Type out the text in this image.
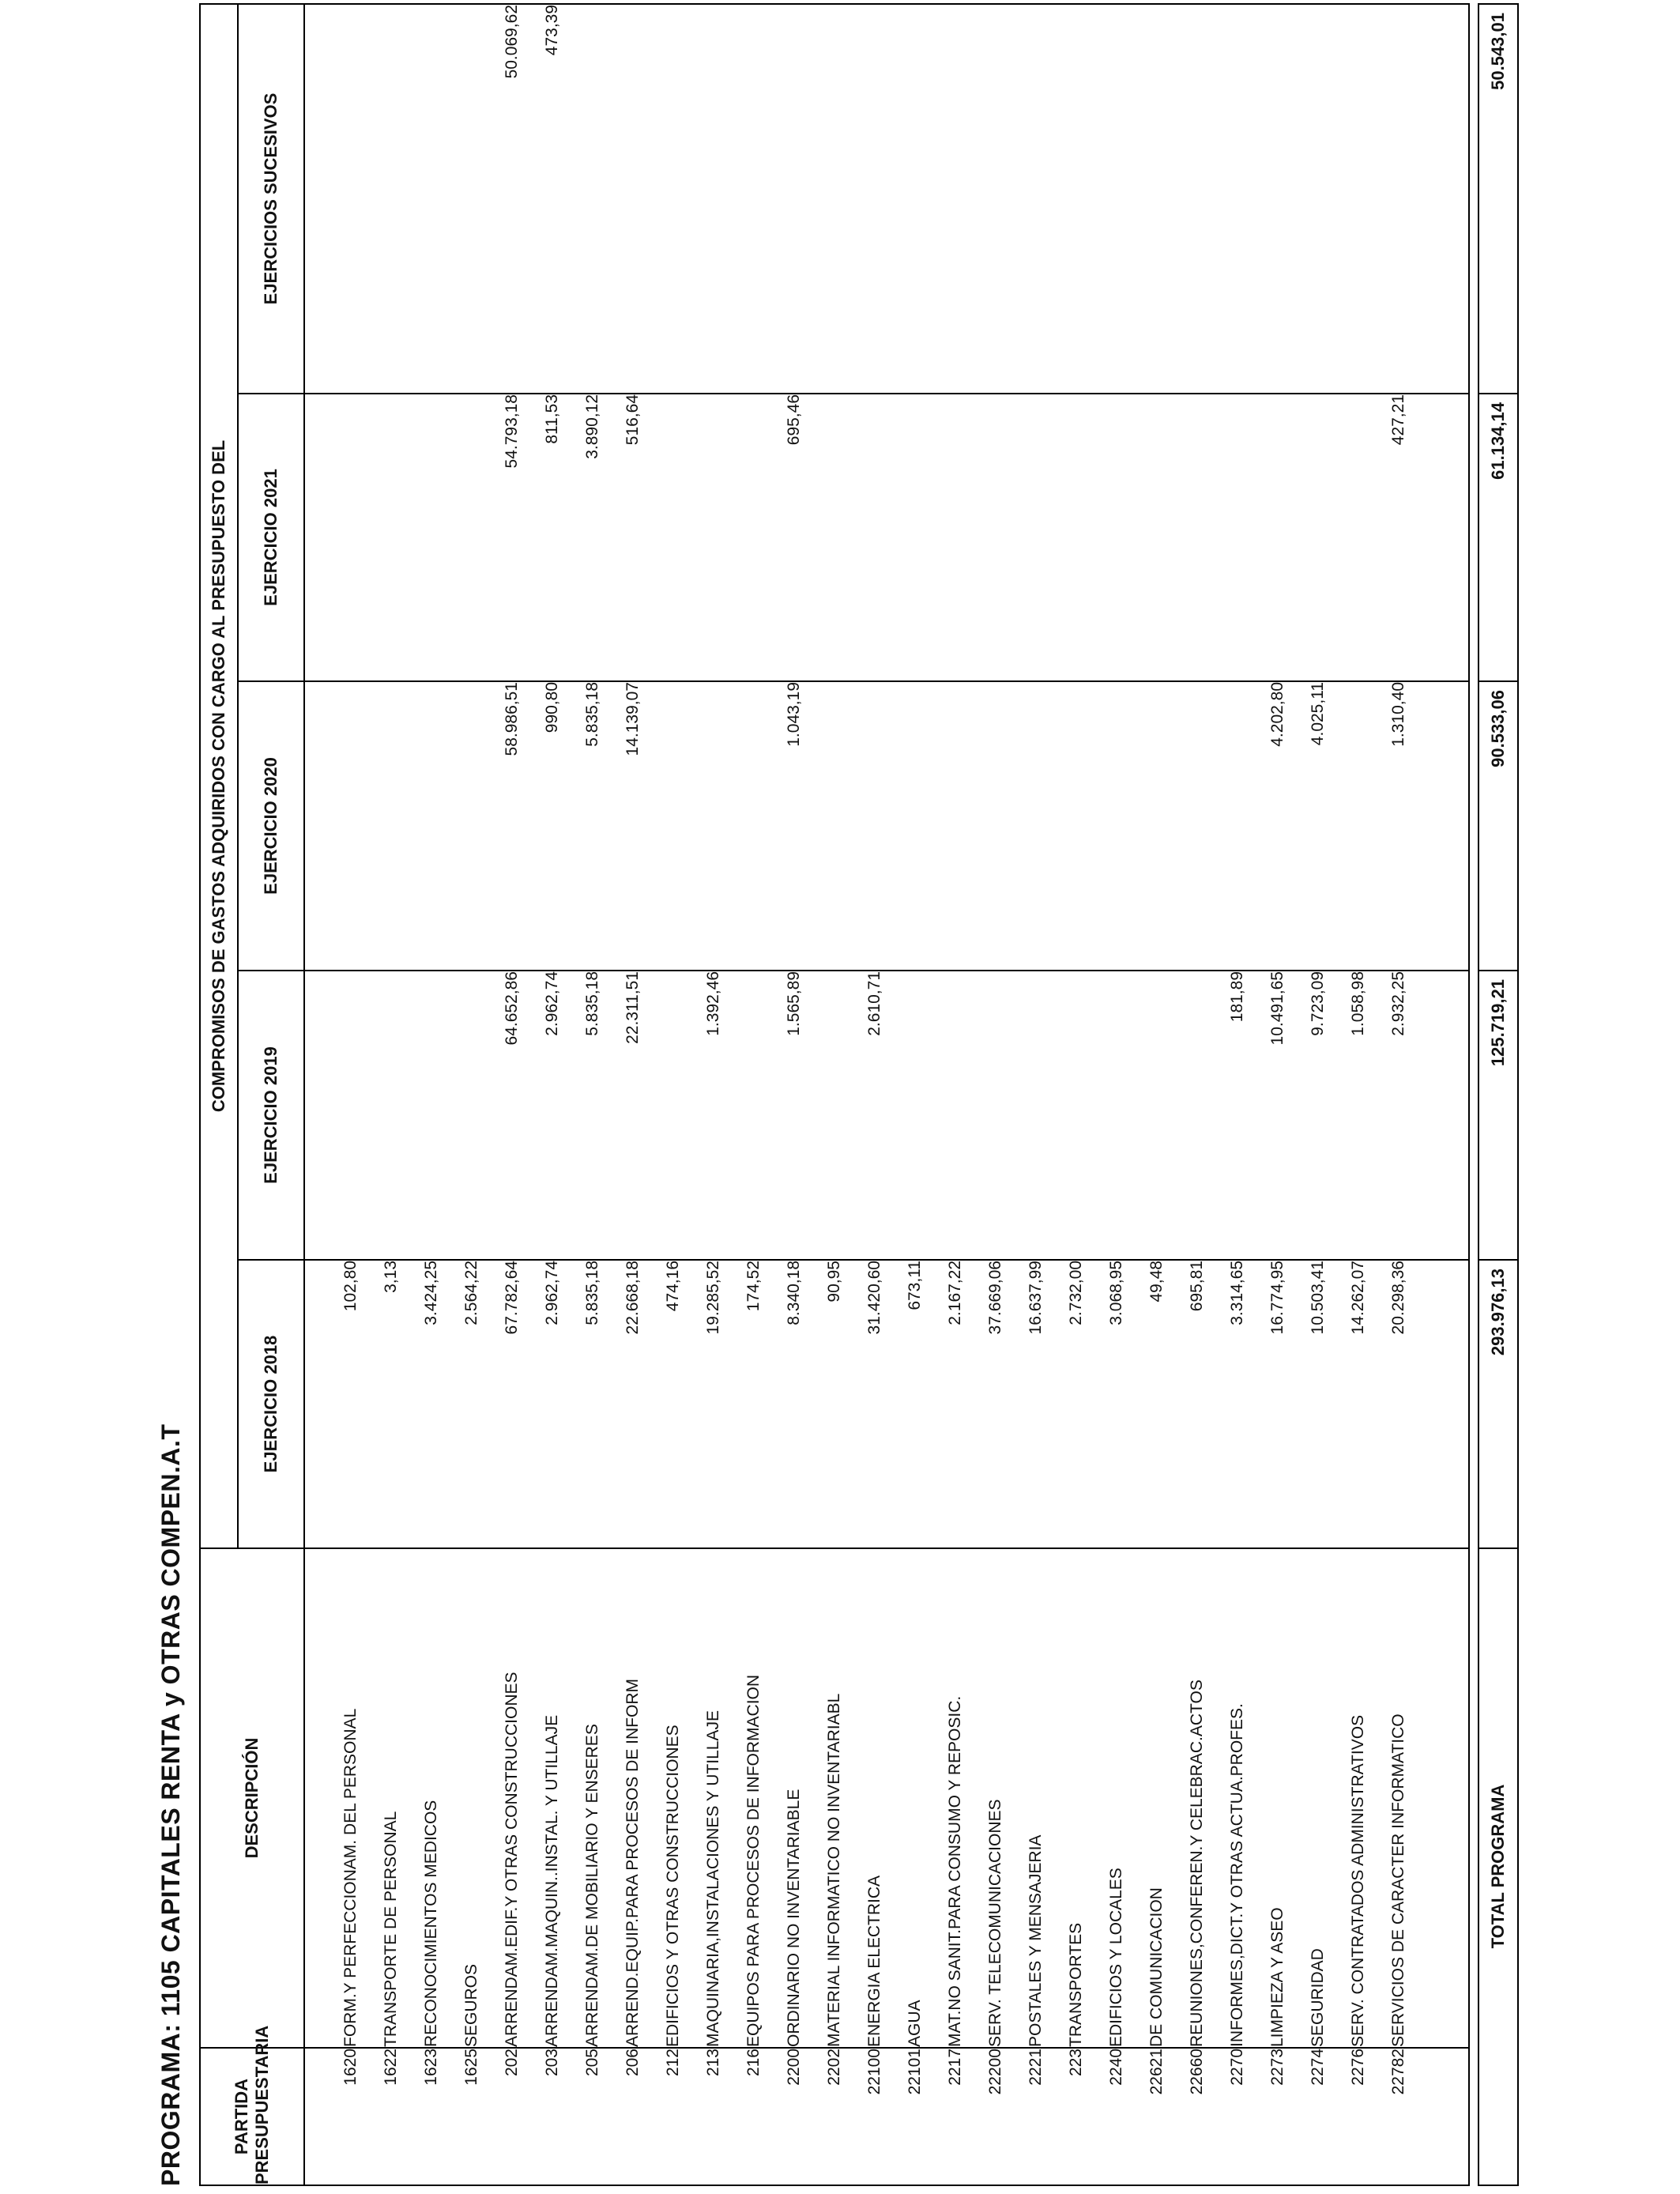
PROGRAMA: 1105 CAPITALES RENTA y OTRAS COMPEN.A.T	PARTIDA PRESUPUESTARIA	DESCRIPCIÓN	COMPROMISOS DE GASTOS ADQUIRIDOS CON CARGO AL PRESUPUESTO DEL				
		EJERCICIO 2018	EJERCICIO 2019	EJERCICIO 2020	EJERCICIO 2021	EJERCICIOS SUCESIVOS

1620	FORM.Y PERFECCIONAM. DEL PERSONAL	102,80				
1622	TRANSPORTE DE PERSONAL	3,13				
1623	RECONOCIMIENTOS MEDICOS	3.424,25				
1625	SEGUROS	2.564,22				
202	ARRENDAM.EDIF.Y OTRAS CONSTRUCCIONES	67.782,64	64.652,86	58.986,51	54.793,18	50.069,62
203	ARRENDAM.MAQUIN..INSTAL. Y UTILLAJE	2.962,74	2.962,74	990,80	811,53	473,39
205	ARRENDAM.DE MOBILIARIO Y ENSERES	5.835,18	5.835,18	5.835,18	3.890,12	
206	ARREND.EQUIP.PARA PROCESOS DE INFORM	22.668,18	22.311,51	14.139,07	516,64	
212	EDIFICIOS Y OTRAS CONSTRUCCIONES	474,16				
213	MAQUINARIA,INSTALACIONES Y UTILLAJE	19.285,52	1.392,46			
216	EQUIPOS PARA PROCESOS DE INFORMACION	174,52				
2200	ORDINARIO NO INVENTARIABLE	8.340,18	1.565,89	1.043,19	695,46	
2202	MATERIAL INFORMATICO NO INVENTARIABL	90,95				
22100	ENERGIA ELECTRICA	31.420,60	2.610,71			
22101	AGUA	673,11				
2217	MAT.NO SANIT.PARA CONSUMO Y REPOSIC.	2.167,22				
22200	SERV. TELECOMUNICACIONES	37.669,06				
2221	POSTALES Y MENSAJERIA	16.637,99				
223	TRANSPORTES	2.732,00				
2240	EDIFICIOS Y LOCALES	3.068,95				
22621	DE COMUNICACION	49,48				
22660	REUNIONES,CONFEREN.Y CELEBRAC.ACTOS	695,81				
2270	INFORMES,DICT.Y OTRAS ACTUA.PROFES.	3.314,65	181,89			
2273	LIMPIEZA Y ASEO	16.774,95	10.491,65	4.202,80		
2274	SEGURIDAD	10.503,41	9.723,09	4.025,11		
2276	SERV. CONTRATADOS ADMINISTRATIVOS	14.262,07	1.058,98			
22782	SERVICIOS DE CARACTER INFORMATICO	20.298,36	2.932,25	1.310,40	427,21	

TOTAL PROGRAMA	293.976,13	125.719,21	90.533,06	61.134,14	50.543,01
